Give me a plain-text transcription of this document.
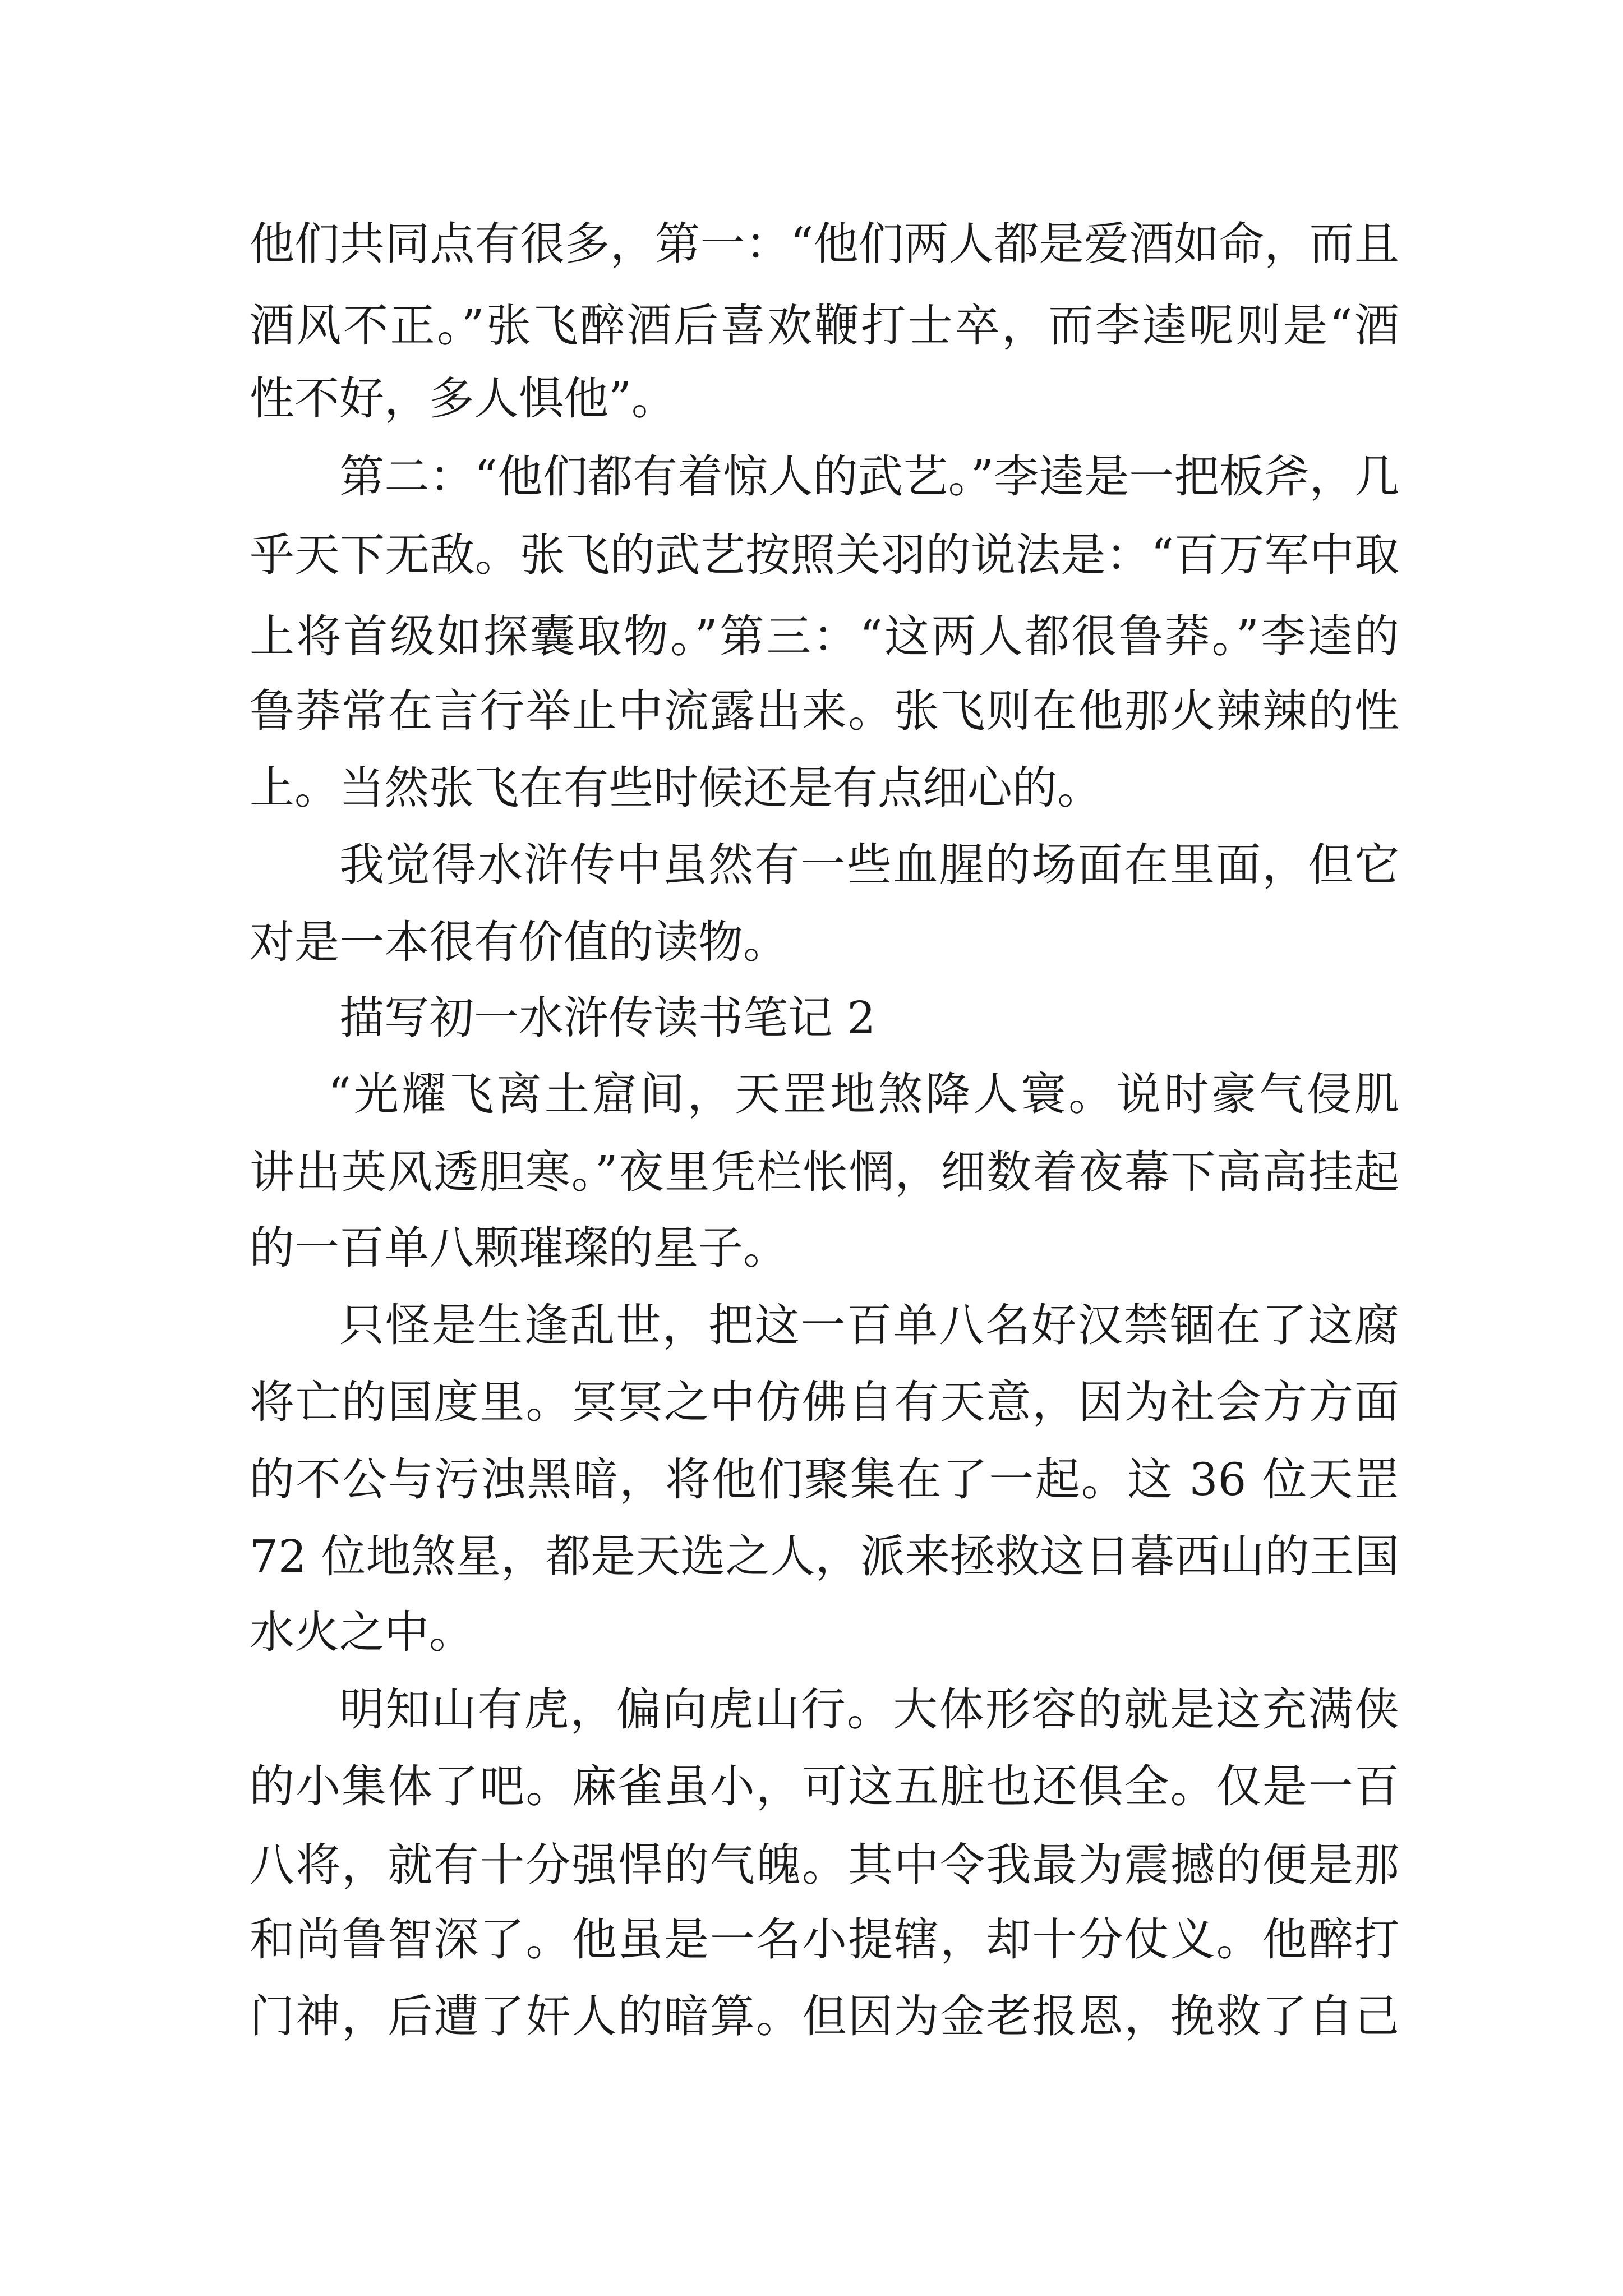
他们共同点有很多，第一：“他们两人都是爱酒如命，而且
酒风不正。”张飞醉酒后喜欢鞭打士卒，而李逵呢则是“酒
性不好，多人惧他”。
第二：“他们都有着惊人的武艺。”李逵是一把板斧，几
乎天下无敌。张飞的武艺按照关羽的说法是：“百万军中取
上将首级如探囊取物。”第三：“这两人都很鲁莽。”李逵的
鲁莽常在言行举止中流露出来。张飞则在他那火辣辣的性
上。当然张飞在有些时候还是有点细心的。
我觉得水浒传中虽然有一些血腥的场面在里面，但它
对是一本很有价值的读物。
描写初一水浒传读书笔记 2
“光耀飞离土窟间，天罡地煞降人寰。说时豪气侵肌
讲出英风透胆寒。”夜里凭栏怅惘，细数着夜幕下高高挂起
的一百单八颗璀璨的星子。
只怪是生逢乱世，把这一百单八名好汉禁锢在了这腐
将亡的国度里。冥冥之中仿佛自有天意，因为社会方方面
的不公与污浊黑暗，将他们聚集在了一起。这 36 位天罡
72 位地煞星，都是天选之人，派来拯救这日暮西山的王国
水火之中。
明知山有虎，偏向虎山行。大体形容的就是这充满侠
的小集体了吧。麻雀虽小，可这五脏也还俱全。仅是一百
八将，就有十分强悍的气魄。其中令我最为震撼的便是那
和尚鲁智深了。他虽是一名小提辖，却十分仗义。他醉打
门神，后遭了奸人的暗算。但因为金老报恩，挽救了自己
